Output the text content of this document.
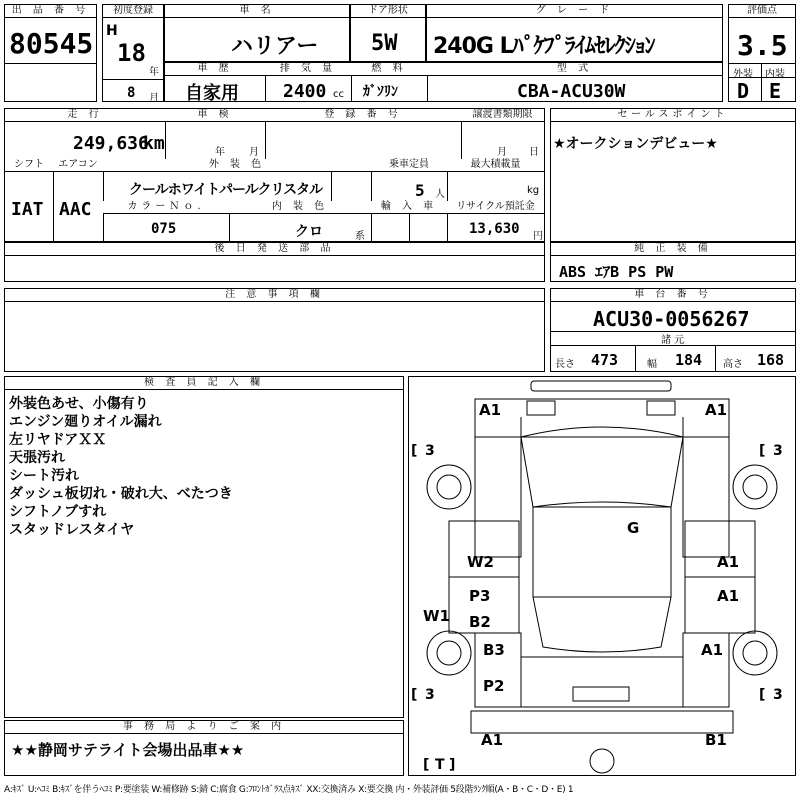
出 品 番 号
80545
初度登録
H
18
年
8 月
車 名
ハリアー
ドア形状
5W
グ レ ー ド
240G Lﾊﾟｹﾌﾟﾗｲﾑｾﾚｸｼｮﾝ
評価点
3.5
外装 内装
D E
車 歴
自家用
排 気 量
2400 cc
燃 料
ｶﾞｿﾘﾝ
型 式
CBA-ACU30W
走 行
249,636
km
車 検
年 月
登 録 番 号	譲渡書類期限
月 日
シフト
IAT
エアコン
AAC
外 装 色
クールホワイトパールクリスタル
乗車定員
5 人
最大積載量
kg
カラーＮｏ.
075
内 装 色
クロ	系
輸 入 車	リサイクル預託金
13,630 円
後 日 発 送 部 品
セールスポイント
★オークションデビュー★
純 正 装 備
ABS ｴｱB PS PW
注 意 事 項 欄	車 台 番 号
ACU30-0056267
諸 元
長さ 473	幅 184 高さ 168
検 査 員 記 入 欄
外装色あせ、小傷有り
エンジン廻りオイル漏れ
左リヤドアＸＸ
天張汚れ
シート汚れ
ダッシュ板切れ・破れ大、べたつき
シフトノブすれ
スタッドレスタイヤ
事 務 局 よ り ご 案 内
★★静岡サテライト会場出品車★★
A1	A1
G
W2	A1
P3	A1
W1 B2
B3	A1
P2
A1	B1
[ 3	[ 3
[ 3	[ 3
[ T ]
A:ｷｽﾞ U:ﾍｺﾐ B:ｷｽﾞを伴うﾍｺﾐ P:要塗装 W:補修跡 S:錆 C:腐食 G:ﾌﾛﾝﾄｶﾞﾗｽ点ｷｽﾞ XX:交換済み X:要交換 内・外装評価 5段階ﾗﾝｸ順(A・B・C・D・E) 1
